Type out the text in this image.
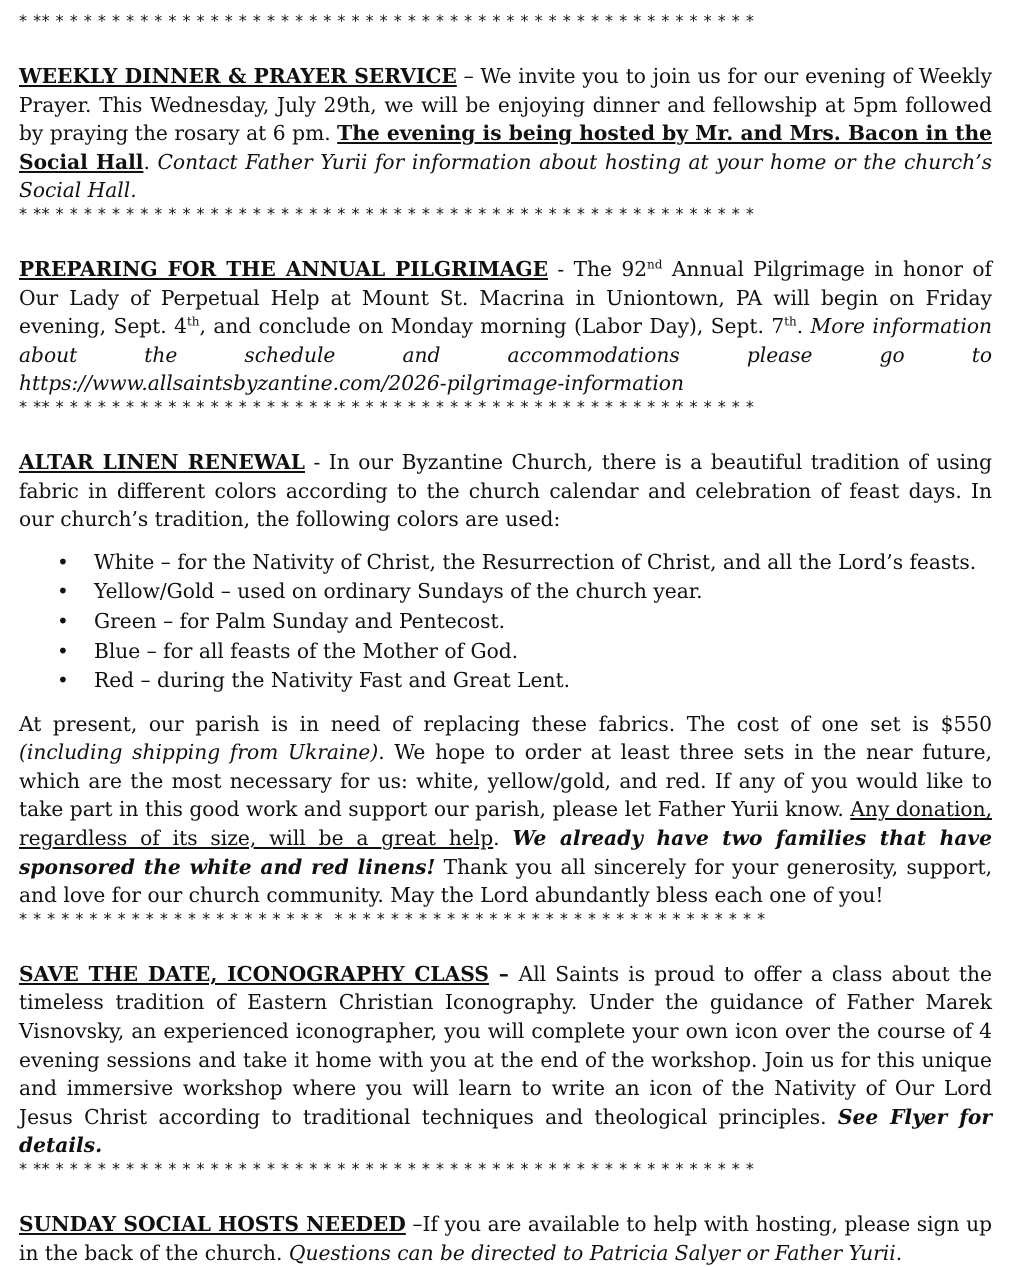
* ** * * * * * * * * * * * * * * * * * * * * * * * * * * * * * * * * * * * * * * * * * * * * * * * * * *
WEEKLY DINNER & PRAYER SERVICE – We invite you to join us for our evening of Weekly Prayer. This Wednesday, July 29th, we will be enjoying dinner and fellowship at 5pm followed by praying the rosary at 6 pm. The evening is being hosted by Mr. and Mrs. Bacon in the Social Hall. Contact Father Yurii for information about hosting at your home or the church’s Social Hall.
* ** * * * * * * * * * * * * * * * * * * * * * * * * * * * * * * * * * * * * * * * * * * * * * * * * * *
PREPARING FOR THE ANNUAL PILGRIMAGE - The 92nd Annual Pilgrimage in honor of Our Lady of Perpetual Help at Mount St. Macrina in Uniontown, PA will begin on Friday evening, Sept. 4th, and conclude on Monday morning (Labor Day), Sept. 7th. More information about the schedule and accommodations please go to https://www.allsaintsbyzantine.com/2026-pilgrimage-information
* ** * * * * * * * * * * * * * * * * * * * * * * * * * * * * * * * * * * * * * * * * * * * * * * * * * *
ALTAR LINEN RENEWAL - In our Byzantine Church, there is a beautiful tradition of using fabric in different colors according to the church calendar and celebration of feast days. In our church’s tradition, the following colors are used:
• White – for the Nativity of Christ, the Resurrection of Christ, and all the Lord’s feasts.
• Yellow/Gold – used on ordinary Sundays of the church year.
• Green – for Palm Sunday and Pentecost.
• Blue – for all feasts of the Mother of God.
• Red – during the Nativity Fast and Great Lent.
At present, our parish is in need of replacing these fabrics. The cost of one set is $550 (including shipping from Ukraine). We hope to order at least three sets in the near future, which are the most necessary for us: white, yellow/gold, and red. If any of you would like to take part in this good work and support our parish, please let Father Yurii know. Any donation, regardless of its size, will be a great help. We already have two families that have sponsored the white and red linens! Thank you all sincerely for your generosity, support, and love for our church community. May the Lord abundantly bless each one of you!
* * * * * * * * * * * * * * * * * * * * * * * * * * * * * * * * * * * * * * * * * * * * * * * * * * * * *
SAVE THE DATE, ICONOGRAPHY CLASS – All Saints is proud to offer a class about the timeless tradition of Eastern Christian Iconography. Under the guidance of Father Marek Visnovsky, an experienced iconographer, you will complete your own icon over the course of 4 evening sessions and take it home with you at the end of the workshop. Join us for this unique and immersive workshop where you will learn to write an icon of the Nativity of Our Lord Jesus Christ according to traditional techniques and theological principles. See Flyer for details.
* ** * * * * * * * * * * * * * * * * * * * * * * * * * * * * * * * * * * * * * * * * * * * * * * * * * *
SUNDAY SOCIAL HOSTS NEEDED –If you are available to help with hosting, please sign up in the back of the church. Questions can be directed to Patricia Salyer or Father Yurii.
